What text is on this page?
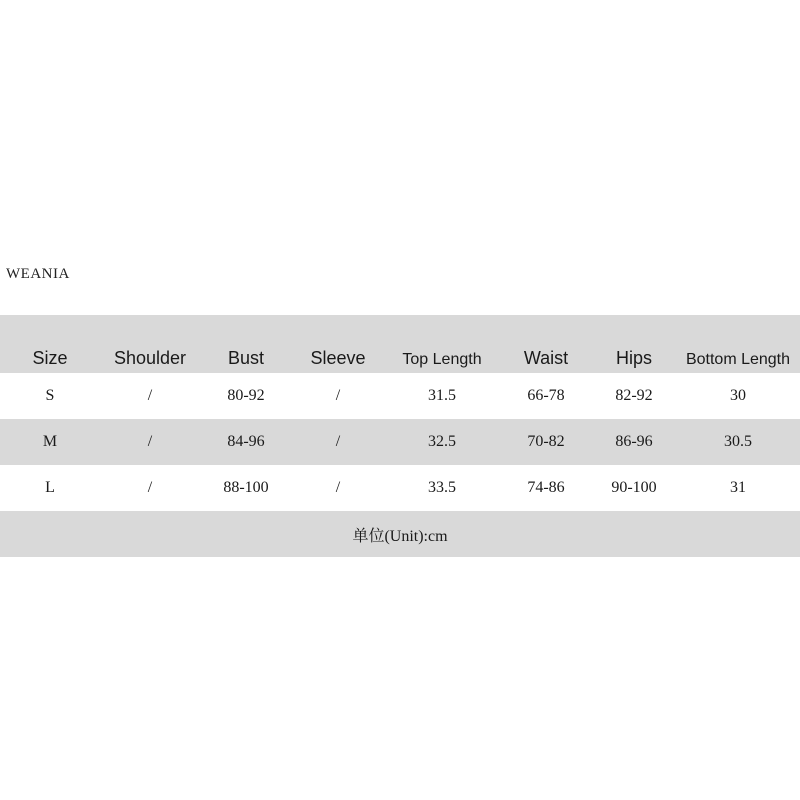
WEANIA
Size	Shoulder	Bust	Sleeve	Top Length	Waist	Hips	Bottom Length
S	/	80-92	/	31.5	66-78	82-92	30
M	/	84-96	/	32.5	70-82	86-96	30.5
L	/	88-100	/	33.5	74-86	90-100	31
单位(Unit):cm							
